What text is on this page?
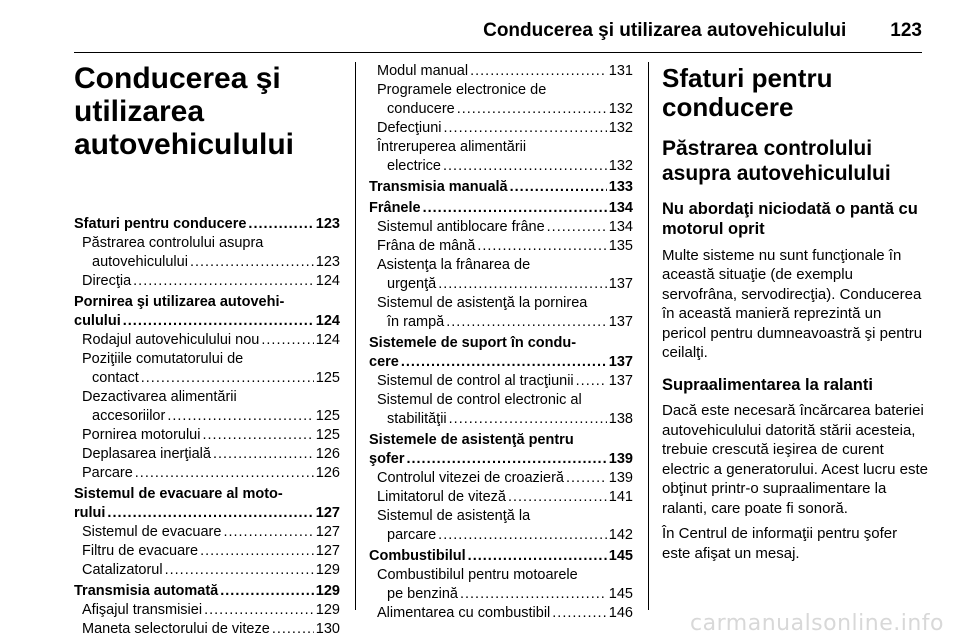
Conducerea şi utilizarea autovehiculului 123
Conducerea şi utilizarea autovehiculului
Sfaturi pentru conducere .....	123
Păstrarea controlului asupra
autovehiculului .....	123
Direcţia .....	124
Pornirea şi utilizarea autovehi-
culului .....	124
Rodajul autovehiculului nou .....	124
Poziţiile comutatorului de
contact .....	125
Dezactivarea alimentării
accesoriilor .....	125
Pornirea motorului .....	125
Deplasarea inerţială .....	126
Parcare .....	126
Sistemul de evacuare al moto-
rului .....	127
Sistemul de evacuare .....	127
Filtru de evacuare .....	127
Catalizatorul .....	129
Transmisia automată .....	129
Afişajul transmisiei .....	129
Maneta selectorului de viteze .....	130
Modul manual .....	131
Programele electronice de
conducere .....	132
Defecţiuni .....	132
Întreruperea alimentării
electrice .....	132
Transmisia manuală .....	133
Frânele .....	134
Sistemul antiblocare frâne .....	134
Frâna de mână .....	135
Asistenţa la frânarea de
urgenţă .....	137
Sistemul de asistenţă la pornirea
în rampă .....	137
Sistemele de suport în condu-
cere .....	137
Sistemul de control al tracţiunii ..... 137
Sistemul de control electronic al
stabilităţii .....	138
Sistemele de asistenţă pentru
şofer .....	139
Controlul vitezei de croazieră .....	139
Limitatorul de viteză .....	141
Sistemul de asistenţă la
parcare .....	142
Combustibilul .....	145
Combustibilul pentru motoarele
pe benzină .....	145
Alimentarea cu combustibil .....	146
Sfaturi pentru conducere
Păstrarea controlului asupra autovehiculului
Nu abordaţi niciodată o pantă cu motorul oprit

Multe sisteme nu sunt funcţionale în această situaţie (de exemplu servofrâna, servodirecţia). Conducerea în această manieră reprezintă un pericol pentru dumneavoastră şi pentru ceilalţi.

Supraalimentarea la ralanti

Dacă este necesară încărcarea bateriei autovehiculului datorită stării acesteia, trebuie crescută ieşirea de curent electric a generatorului. Acest lucru este obţinut printr-o supraalimentare la ralanti, care poate fi sonoră.

În Centrul de informaţii pentru şofer este afişat un mesaj.

carmanualsonline.info
